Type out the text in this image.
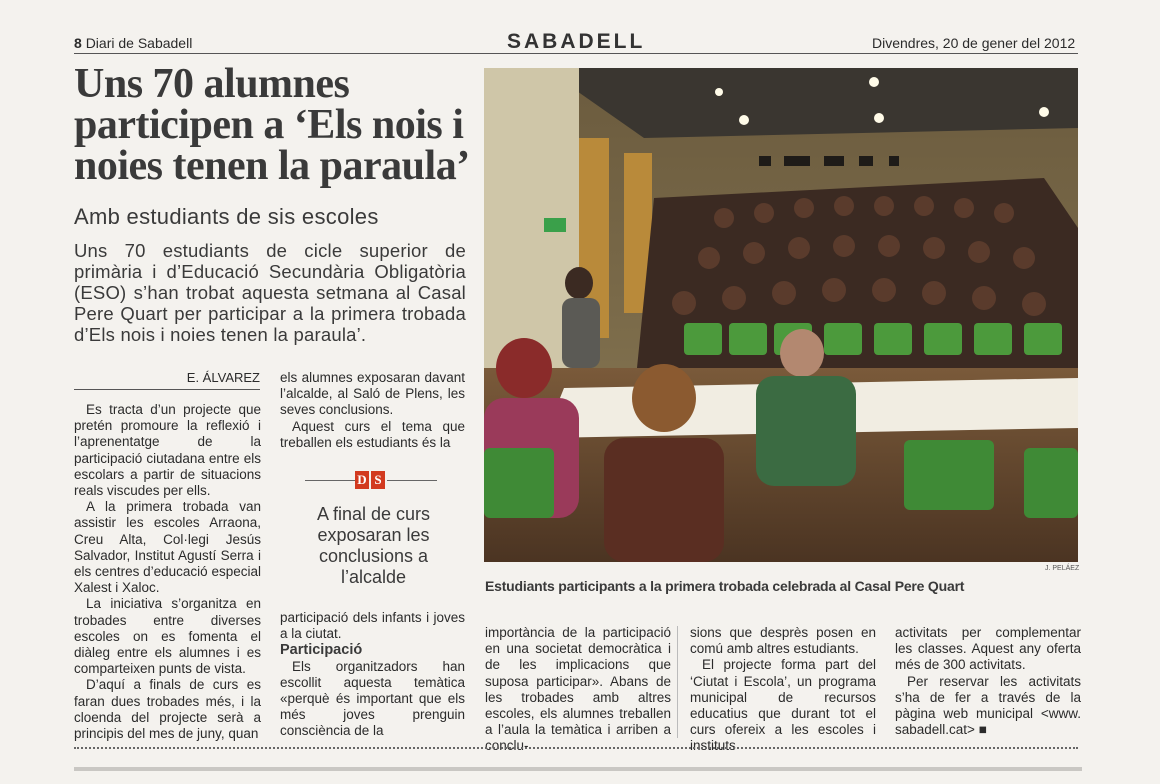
8 Diari de Sabadell	SABADELL	Divendres, 20 de gener del 2012
Uns 70 alumnes
participen a ‘Els nois i
noies tenen la paraula’
Amb estudiants de sis escoles
Uns 70 estudiants de cicle superior de primària i d’Educació Secundària Obligatòria (ESO) s’han trobat aquesta setmana al Casal Pere Quart per participar a la primera trobada d’Els nois i noies tenen la paraula’.
E. ÁLVAREZ

Es tracta d’un projecte que pretén promoure la reflexió i l’aprenentatge de la participació ciutadana entre els escolars a partir de situacions reals viscudes per ells.

A la primera trobada van assistir les escoles Arraona, Creu Alta, Col·legi Jesús Salvador, Institut Agustí Serra i els centres d’educació especial Xalest i Xaloc.

La iniciativa s’organitza en trobades entre diverses escoles on es fomenta el diàleg entre els alumnes i es comparteixen punts de vista.

D’aquí a finals de curs es faran dues trobades més, i la cloenda del projecte serà a principis del mes de juny, quan

els alumnes exposaran davant l’alcalde, al Saló de Plens, les seves conclusions.

Aquest curs el tema que treballen els estudiants és la

D S
A final de curs exposaran les conclusions a l’alcalde

participació dels infants i joves a la ciutat.

Participació

Els organitzadors han escollit aquesta temàtica «perquè és important que els més joves prenguin consciència de la

importància de la participació en una societat democràtica i de les implicacions que suposa participar». Abans de les trobades amb altres escoles, els alumnes treballen a l’aula la temàtica i arriben a conclu-

sions que desprès posen en comú amb altres estudiants.

El projecte forma part del ‘Ciutat i Escola’, un programa municipal de recursos educatius que durant tot el curs ofereix a les escoles i instituts

activitats per complementar les classes. Aquest any oferta més de 300 activitats.

Per reservar les activitats s’ha de fer a través de la pàgina web municipal <www. sabadell.cat> ■

J. PELÁEZ
Estudiants participants a la primera trobada celebrada al Casal Pere Quart
